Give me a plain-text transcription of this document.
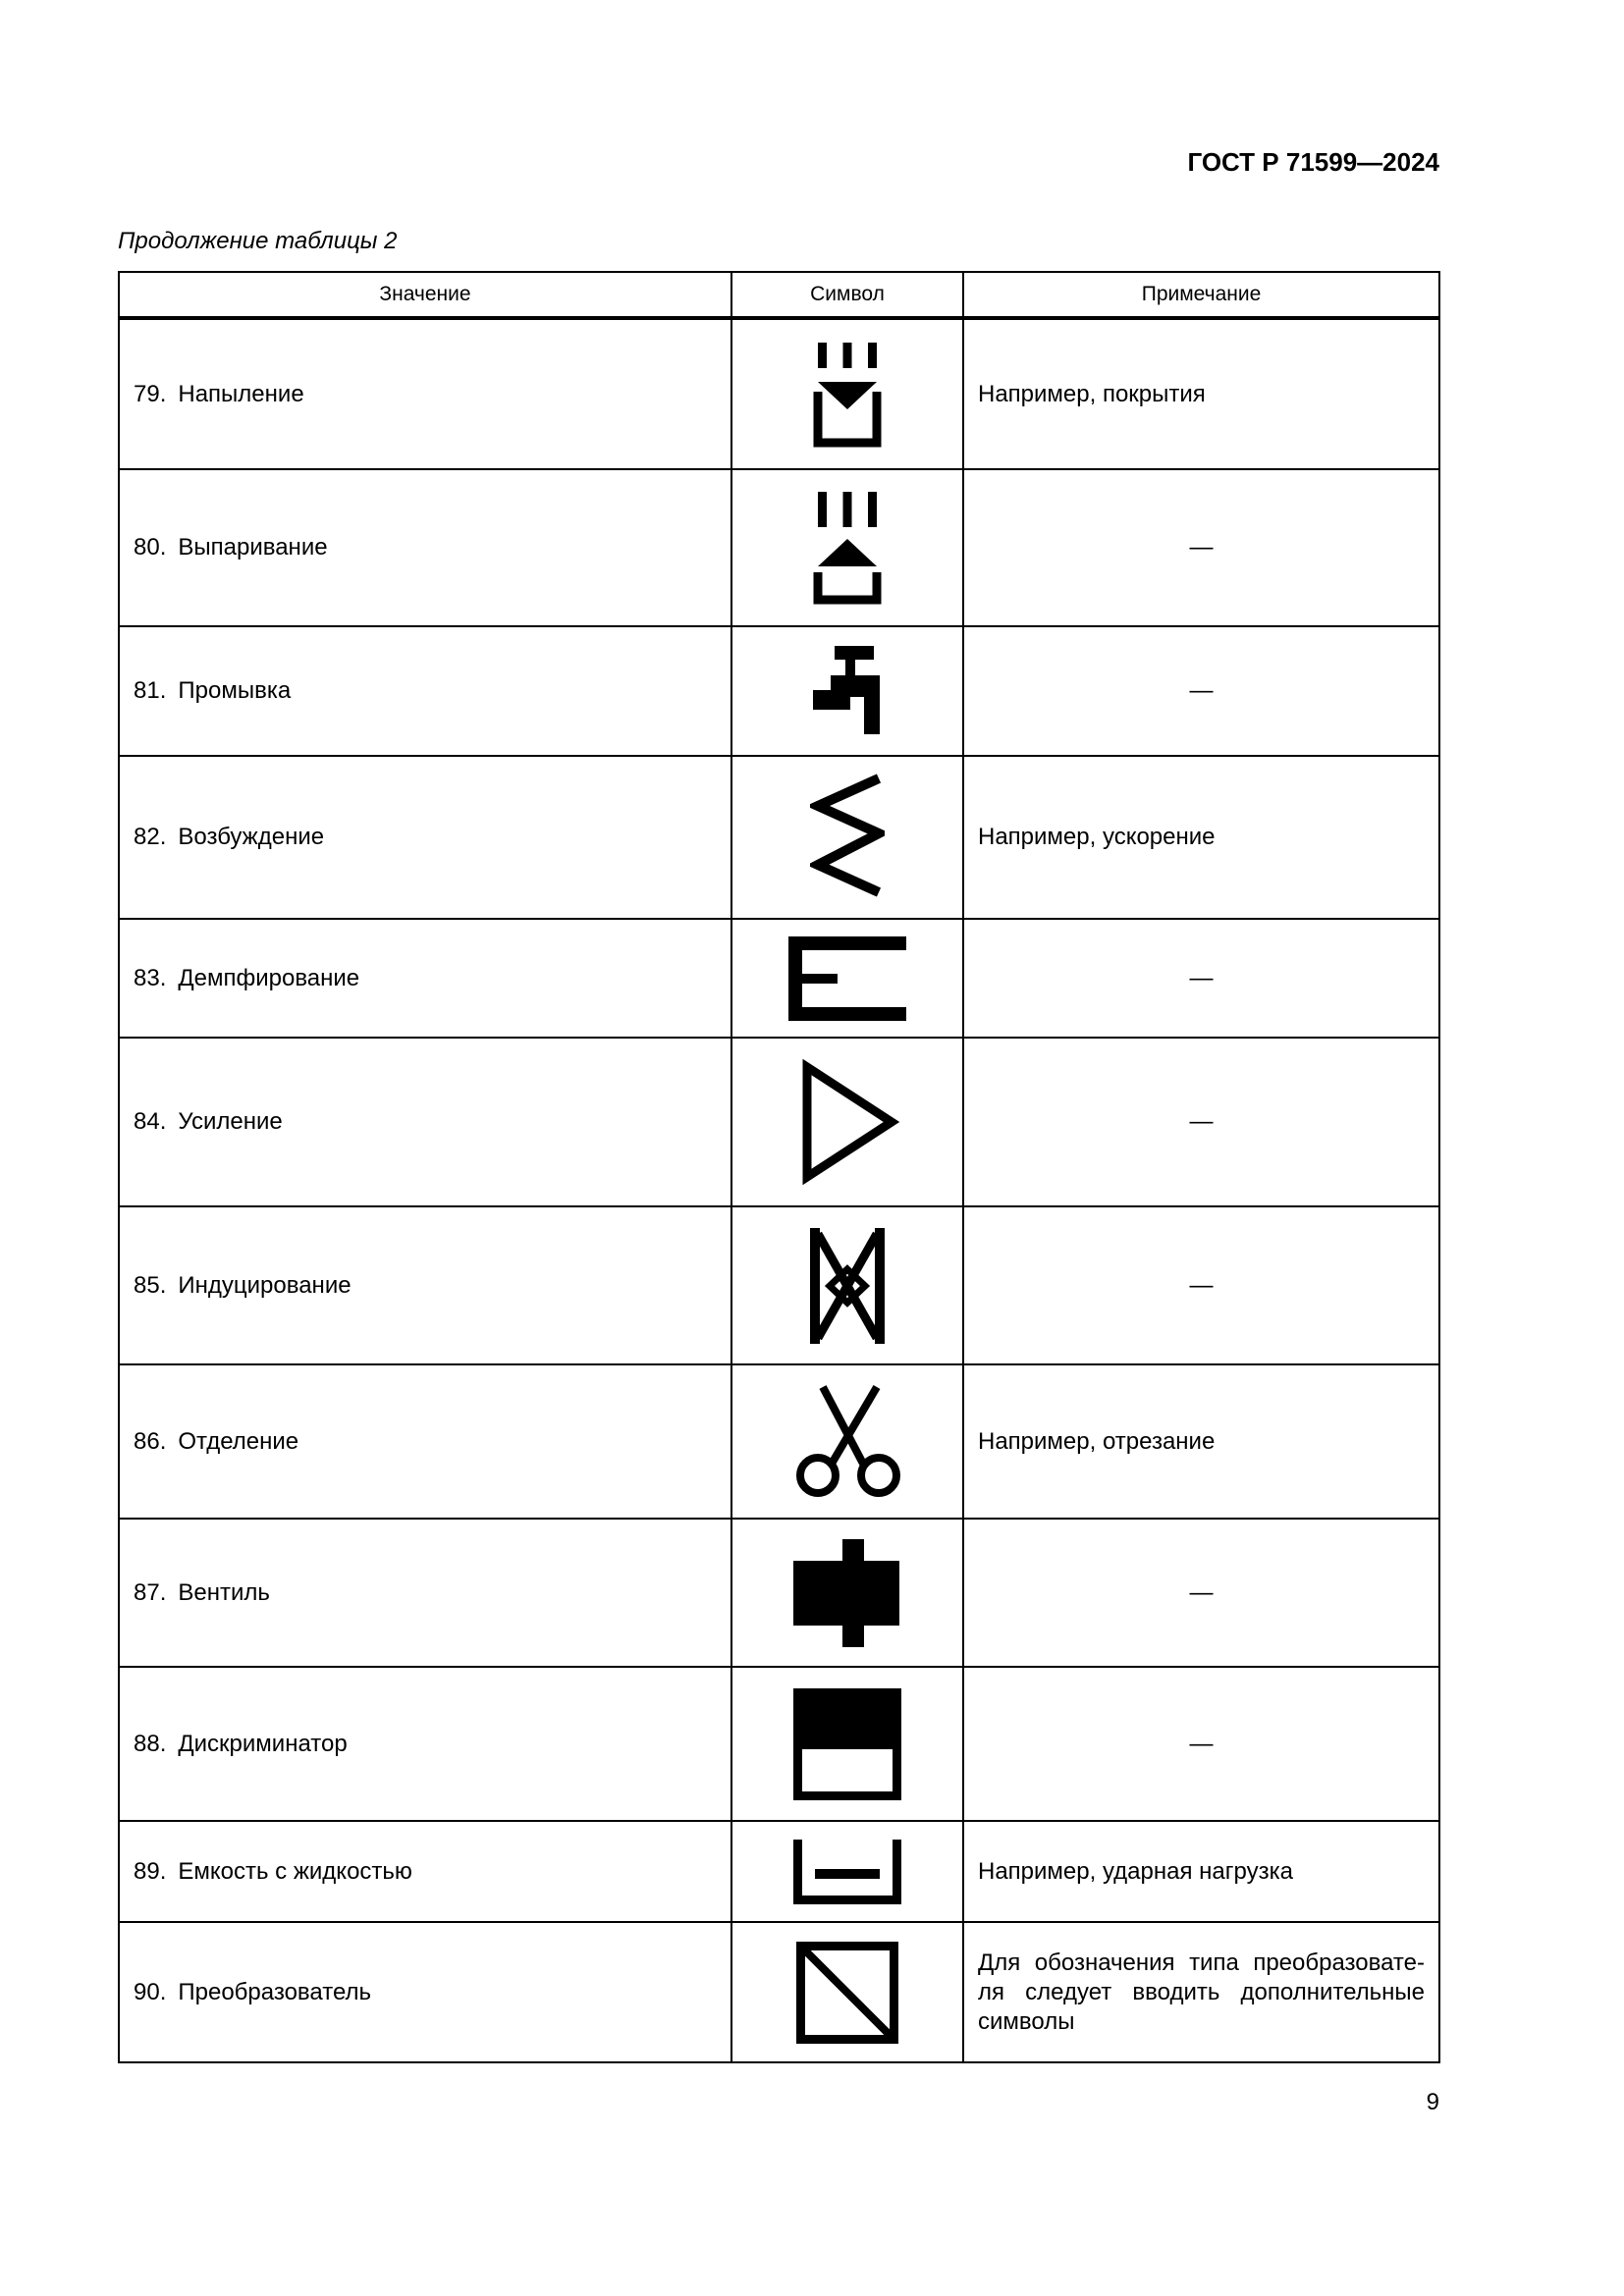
ГОСТ Р 71599—2024
Продолжение таблицы 2
Значение	Символ	Примечание
79. Напыление		Например, покрытия
80. Выпаривание		—
81. Промывка		—
82. Возбуждение		Например, ускорение
83. Демпфирование		—
84. Усиление		—
85. Индуцирование		—
86. Отделение		Например, отрезание
87. Вентиль		—
88. Дискриминатор		—
89. Емкость с жидкостью		Например, ударная нагрузка
90. Преобразователь		Для обозначения типа преобразовате-ля следует вводить дополнительные символы
9
